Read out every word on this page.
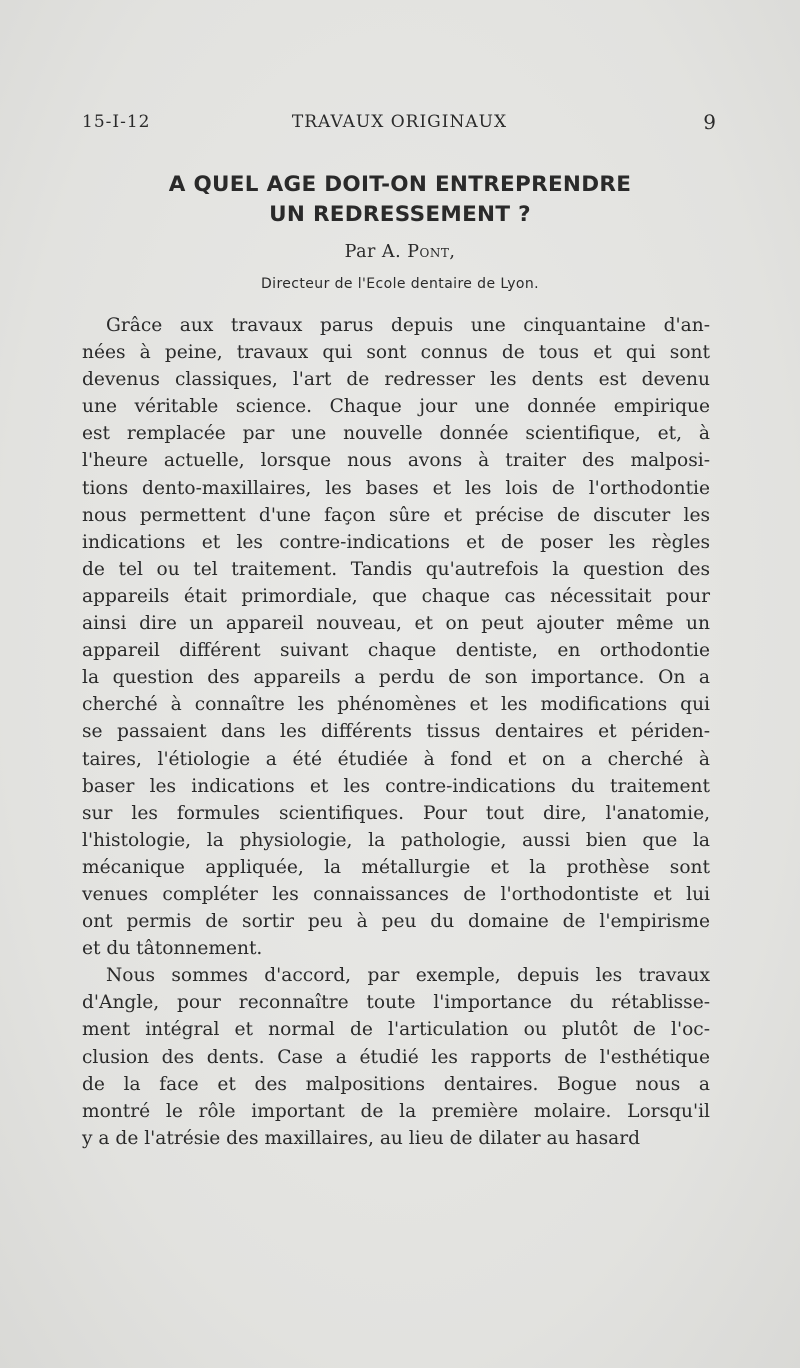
15-I-12	TRAVAUX ORIGINAUX	9
A QUEL AGE DOIT-ON ENTREPRENDRE
UN REDRESSEMENT ?
Par A. Pont,
Directeur de l'Ecole dentaire de Lyon.
Grâce aux travaux parus depuis une cinquantaine d'an-
nées à peine, travaux qui sont connus de tous et qui sont
devenus classiques, l'art de redresser les dents est devenu
une véritable science. Chaque jour une donnée empirique
est remplacée par une nouvelle donnée scientifique, et, à
l'heure actuelle, lorsque nous avons à traiter des malposi-
tions dento-maxillaires, les bases et les lois de l'orthodontie
nous permettent d'une façon sûre et précise de discuter les
indications et les contre-indications et de poser les règles
de tel ou tel traitement. Tandis qu'autrefois la question des
appareils était primordiale, que chaque cas nécessitait pour
ainsi dire un appareil nouveau, et on peut ajouter même un
appareil différent suivant chaque dentiste, en orthodontie
la question des appareils a perdu de son importance. On a
cherché à connaître les phénomènes et les modifications qui
se passaient dans les différents tissus dentaires et périden-
taires, l'étiologie a été étudiée à fond et on a cherché à
baser les indications et les contre-indications du traitement
sur les formules scientifiques. Pour tout dire, l'anatomie,
l'histologie, la physiologie, la pathologie, aussi bien que la
mécanique appliquée, la métallurgie et la prothèse sont
venues compléter les connaissances de l'orthodontiste et lui
ont permis de sortir peu à peu du domaine de l'empirisme
et du tâtonnement.
Nous sommes d'accord, par exemple, depuis les travaux
d'Angle, pour reconnaître toute l'importance du rétablisse-
ment intégral et normal de l'articulation ou plutôt de l'oc-
clusion des dents. Case a étudié les rapports de l'esthétique
de la face et des malpositions dentaires. Bogue nous a
montré le rôle important de la première molaire. Lorsqu'il
y a de l'atrésie des maxillaires, au lieu de dilater au hasard
